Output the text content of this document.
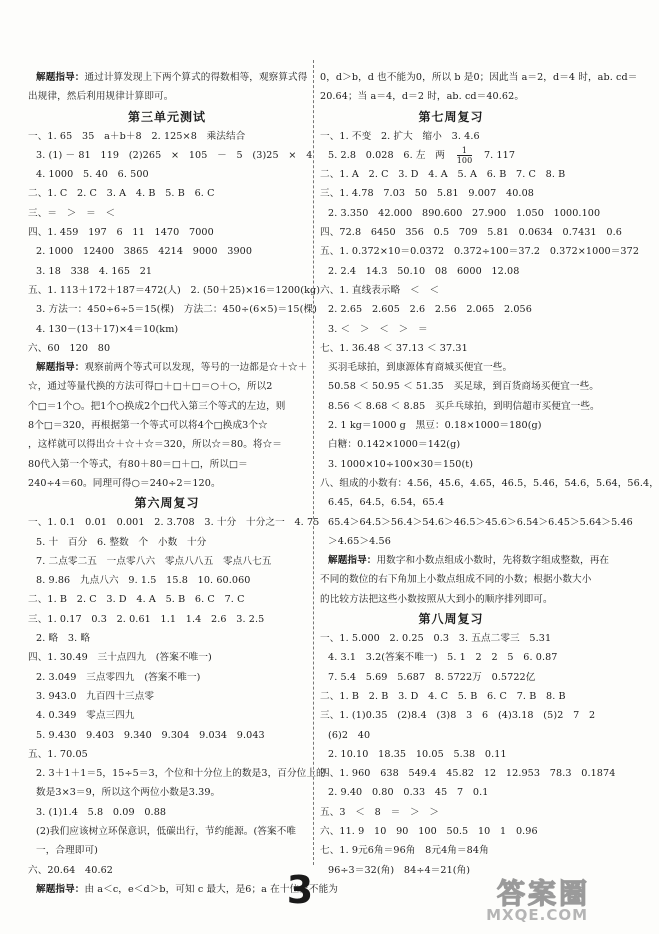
解题指导：通过计算发现上下两个算式的得数相等，观察算式得
出规律，然后利用规律计算即可。
第三单元测试
一、1. 65　35　a＋b＋8　2. 125×8　乘法结合
3. (1) － 81　119　(2)265　×　105　－　5　(3)25　×　4
4. 1000　5. 40　6. 500
二、1. C　2. C　3. A　4. B　5. B　6. C
三、＝　＞　＝　＜
四、1. 459　197　6　11　1470　7000
2. 1000　12400　3865　4214　9000　3900
3. 18　338　4. 165　21
五、1. 113＋172＋187＝472(人)　2. (50＋25)×16＝1200(kg)
3. 方法一：450÷6÷5＝15(棵)　方法二：450÷(6×5)＝15(棵)
4. 130－(13＋17)×4＝10(km)
六、60　120　80
解题指导：观察前两个等式可以发现，等号的一边都是☆＋☆＋
☆，通过等量代换的方法可得□＋□＋□＝○＋○，所以2
个□＝1个○。把1个○换成2个□代入第三个等式的左边，则
8个□＝320，再根据第一个等式可以将4个□换成3个☆
，这样就可以得出☆＋☆＋☆＝320，所以☆＝80。将☆＝
80代入第一个等式，有80＋80＝□＋□，所以□＝
240÷4＝60。同理可得○＝240÷2＝120。
第六周复习
一、1. 0.1　0.01　0.001　2. 3.708　3. 十分　十分之一　4. 75
5. 十　百分　6. 整数　个　小数　十分
7. 二点零二五　一点零八六　零点八八五　零点八七五
8. 9.86　九点八六　9. 1.5　15.8　10. 60.060
二、1. B　2. C　3. D　4. A　5. B　6. C　7. C
三、1. 0.17　0.3　2. 0.61　1.1　1.4　2.6　3. 2.5
2. 略　3. 略
四、1. 30.49　三十点四九　(答案不唯一)
2. 3.049　三点零四九　(答案不唯一)
3. 943.0　九百四十三点零
4. 0.349　零点三四九
5. 9.430　9.403　9.340　9.304　9.034　9.043
五、1. 70.05
2. 3＋1＋1＝5，15÷5＝3，个位和十分位上的数是3，百分位上的
数是3×3＝9，所以这个两位小数是3.39。
3. (1)1.4　5.8　0.09　0.88
(2)我们应该树立环保意识，低碳出行，节约能源。(答案不唯
一，合理即可)
六、20.64　40.62
解题指导：由 a＜c，e＜d＞b，可知 c 最大，是6；a 在十位上不能为
0，d＞b，d 也不能为0，所以 b 是0；因此当 a＝2，d＝4 时，ab. cd＝
20.64；当 a＝4，d＝2 时，ab. cd＝40.62。
第七周复习
一、1. 不变　2. 扩大　缩小　3. 4.6
5. 2.8　0.028　6. 左　两　 $\frac{1}{100}$ 　7. 117
二、1. A　2. C　3. D　4. A　5. A　6. B　7. C　8. B
三、1. 4.78　7.03　50　5.81　9.007　40.08
2. 3.350　42.000　890.600　27.900　1.050　1000.100
四、72.8　6450　356　0.5　709　5.81　0.0634　0.7431　0.6
五、1. 0.372×10＝0.0372　0.372÷100＝37.2　0.372×1000＝372
2. 2.4　14.3　50.10　08　6000　12.08
六、1. 直线表示略　＜　＜
2. 2.65　2.605　2.6　2.56　2.065　2.056
3. ＜　＞　＜　＞　＝
七、1. 36.48 ＜ 37.13 ＜ 37.31
买羽毛球拍，到康源体育商城买便宜一些。
50.58 ＜ 50.95 ＜ 51.35　买足球，到百货商场买便宜一些。
8.56 ＜ 8.68 ＜ 8.85　买乒乓球拍，到明信超市买便宜一些。
2. 1 kg＝1000 g　黑豆：0.18×1000＝180(g)
白糖：0.142×1000＝142(g)
3. 1000×10÷100×30＝150(t)
八、组成的小数有：4.56，45.6，4.65，46.5，5.46，54.6，5.64，56.4，
6.45，64.5，6.54，65.4
65.4＞64.5＞56.4＞54.6＞46.5＞45.6＞6.54＞6.45＞5.64＞5.46
＞4.65＞4.56
解题指导：用数字和小数点组成小数时，先将数字组成整数，再在
不同的数位的右下角加上小数点组成不同的小数；根据小数大小
的比较方法把这些小数按照从大到小的顺序排列即可。
第八周复习
一、1. 5.000　2. 0.25　0.3　3. 五点二零三　5.31
4. 3.1　3.2(答案不唯一)　5. 1　2　2　5　6. 0.87
7. 5.4　5.69　5.687　8. 5722万　0.5722亿
二、1. B　2. B　3. D　4. C　5. B　6. C　7. B　8. B
三、1. (1)0.35　(2)8.4　(3)8　3　6　(4)3.18　(5)2　7　2
(6)2　40
2. 10.10　18.35　10.05　5.38　0.11
四、1. 960　638　549.4　45.82　12　12.953　78.3　0.1874
2. 9.40　0.80　0.33　45　7　0.1
五、3　＜　8　＝　＞　＞
六、11. 9　10　90　100　50.5　10　1　0.96
七、1. 9元6角＝96角　8元4角＝84角
96÷3＝32(角)　84÷4＝21(角)
3	答案圈
MXQE.COM
